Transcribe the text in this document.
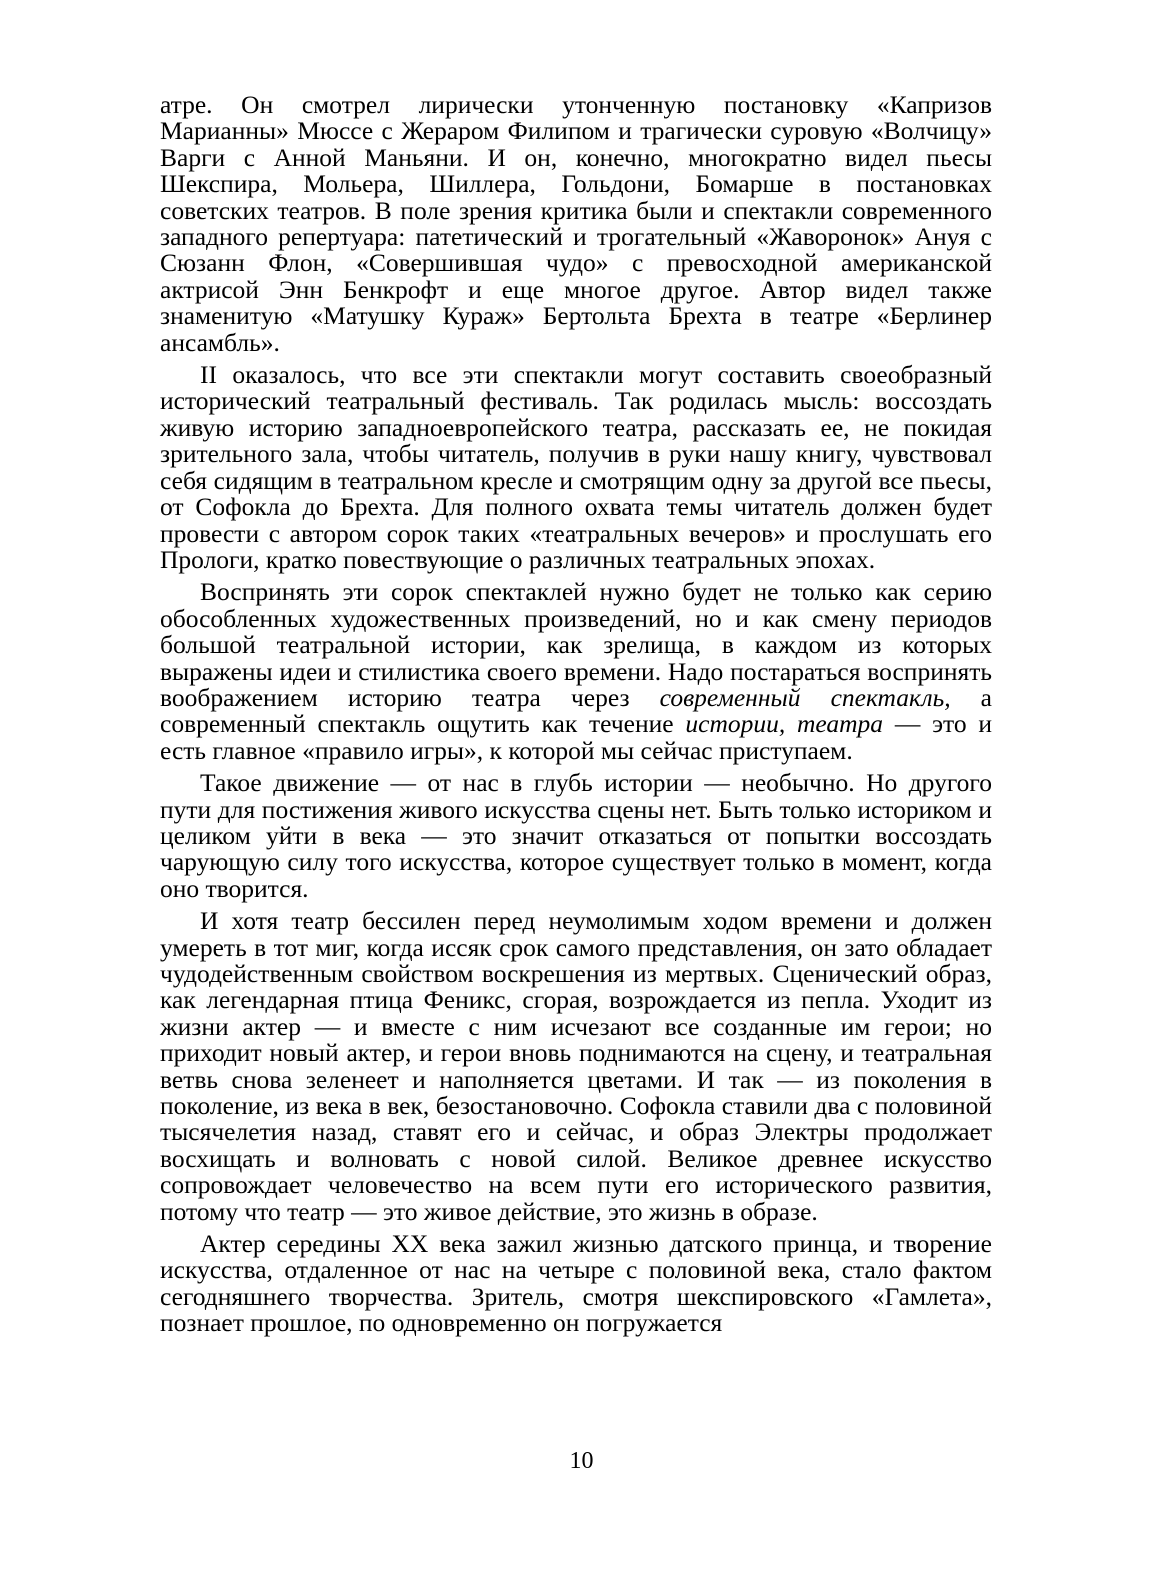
атре. Он смотрел лирически утонченную постановку «Капризов Марианны» Мюссе с Жераром Филипом и трагически суровую «Волчицу» Варги с Анной Маньяни. И он, конечно, многократно видел пьесы Шекспира, Мольера, Шиллера, Гольдони, Бомарше в постановках советских театров. В поле зрения критика были и спектакли современного западного репертуара: патетический и трогательный «Жаворонок» Ануя с Сюзанн Флон, «Совершившая чудо» с превосходной американской актрисой Энн Бенкрофт и еще многое другое. Автор видел также знаменитую «Матушку Кураж» Бертольта Брехта в театре «Берлинер ансамбль».

II оказалось, что все эти спектакли могут составить своеобразный исторический театральный фестиваль. Так родилась мысль: воссоздать живую историю западноевропейского театра, рассказать ее, не покидая зрительного зала, чтобы читатель, получив в руки нашу книгу, чувствовал себя сидящим в театральном кресле и смотрящим одну за другой все пьесы, от Софокла до Брехта. Для полного охвата темы читатель должен будет провести с автором сорок таких «театральных вечеров» и прослушать его Прологи, кратко повествующие о различных театральных эпохах.

Воспринять эти сорок спектаклей нужно будет не только как серию обособленных художественных произведений, но и как смену периодов большой театральной истории, как зрелища, в каждом из которых выражены идеи и стилистика своего времени. Надо постараться воспринять воображением историю театра через современный спектакль, а современный спектакль ощутить как течение истории, театра — это и есть главное «правило игры», к которой мы сейчас приступаем.

Такое движение — от нас в глубь истории — необычно. Но другого пути для постижения живого искусства сцены нет. Быть только историком и целиком уйти в века — это значит отказаться от попытки воссоздать чарующую силу того искусства, которое существует только в момент, когда оно творится.

И хотя театр бессилен перед неумолимым ходом времени и должен умереть в тот миг, когда иссяк срок самого представления, он зато обладает чудодейственным свойством воскрешения из мертвых. Сценический образ, как легендарная птица Феникс, сгорая, возрождается из пепла. Уходит из жизни актер — и вместе с ним исчезают все созданные им герои; но приходит новый актер, и герои вновь поднимаются на сцену, и театральная ветвь снова зеленеет и наполняется цветами. И так — из поколения в поколение, из века в век, безостановочно. Софокла ставили два с половиной тысячелетия назад, ставят его и сейчас, и образ Электры продолжает восхищать и волновать с новой силой. Великое древнее искусство сопровождает человечество на всем пути его исторического развития, потому что театр — это живое действие, это жизнь в образе.

Актер середины XX века зажил жизнью датского принца, и творение искусства, отдаленное от нас на четыре с половиной века, стало фактом сегодняшнего творчества. Зритель, смотря шекспировского «Гамлета», познает прошлое, по одновременно он погружается

10
